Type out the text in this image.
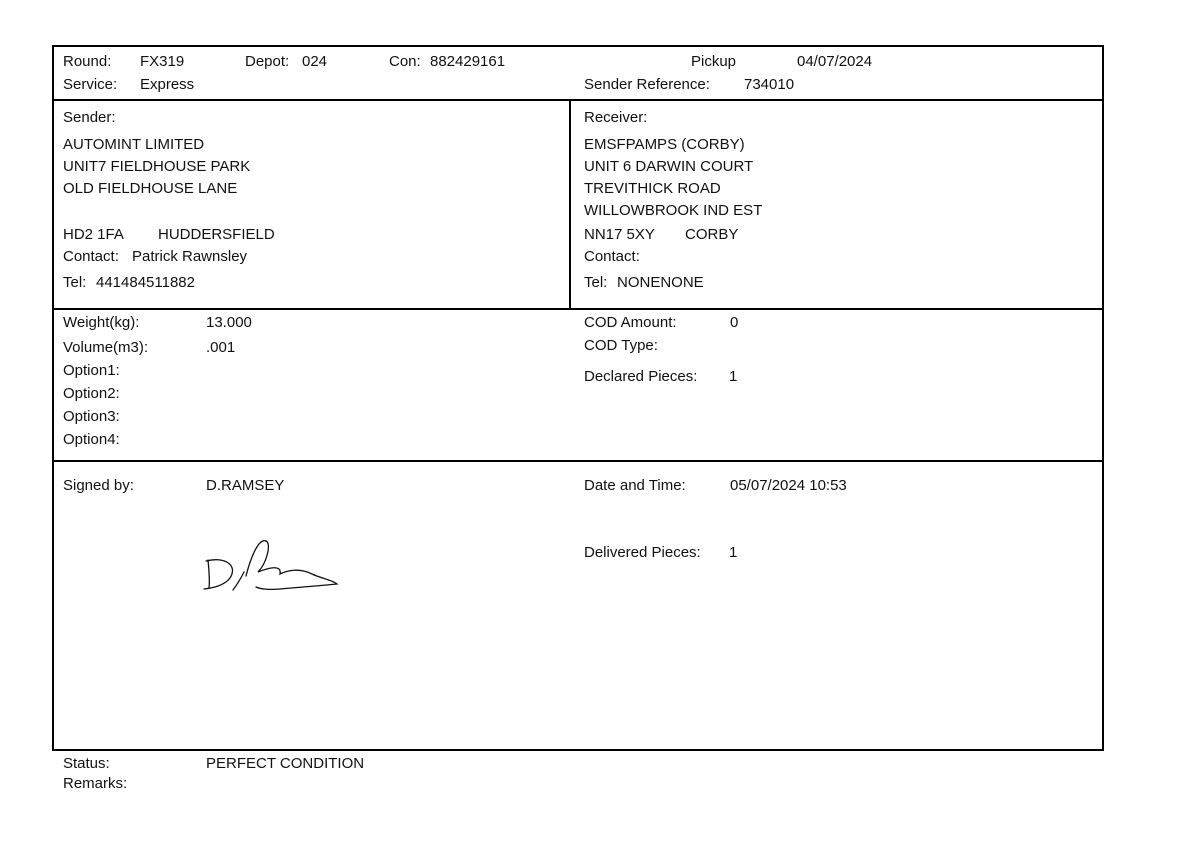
Round: FX319	Depot: 024	Con: 882429161	Pickup	04/07/2024
Service: Express	Sender Reference: 734010
Sender:
AUTOMINT LIMITED
UNIT7 FIELDHOUSE PARK
OLD FIELDHOUSE LANE
HD2 1FA HUDDERSFIELD
Contact: Patrick Rawnsley
Tel: 441484511882
Receiver:
EMSFPAMPS (CORBY)
UNIT 6 DARWIN COURT
TREVITHICK ROAD
WILLOWBROOK IND EST
NN17 5XY CORBY
Contact:
Tel: NONENONE
Weight(kg):	13.000
Volume(m3):	.001
Option1:
Option2:
Option3:
Option4:
COD Amount:	0
COD Type:
Declared Pieces: 1
Signed by:	D.RAMSEY	Date and Time:	05/07/2024 10:53
Delivered Pieces: 1
Status:	PERFECT CONDITION
Remarks:
